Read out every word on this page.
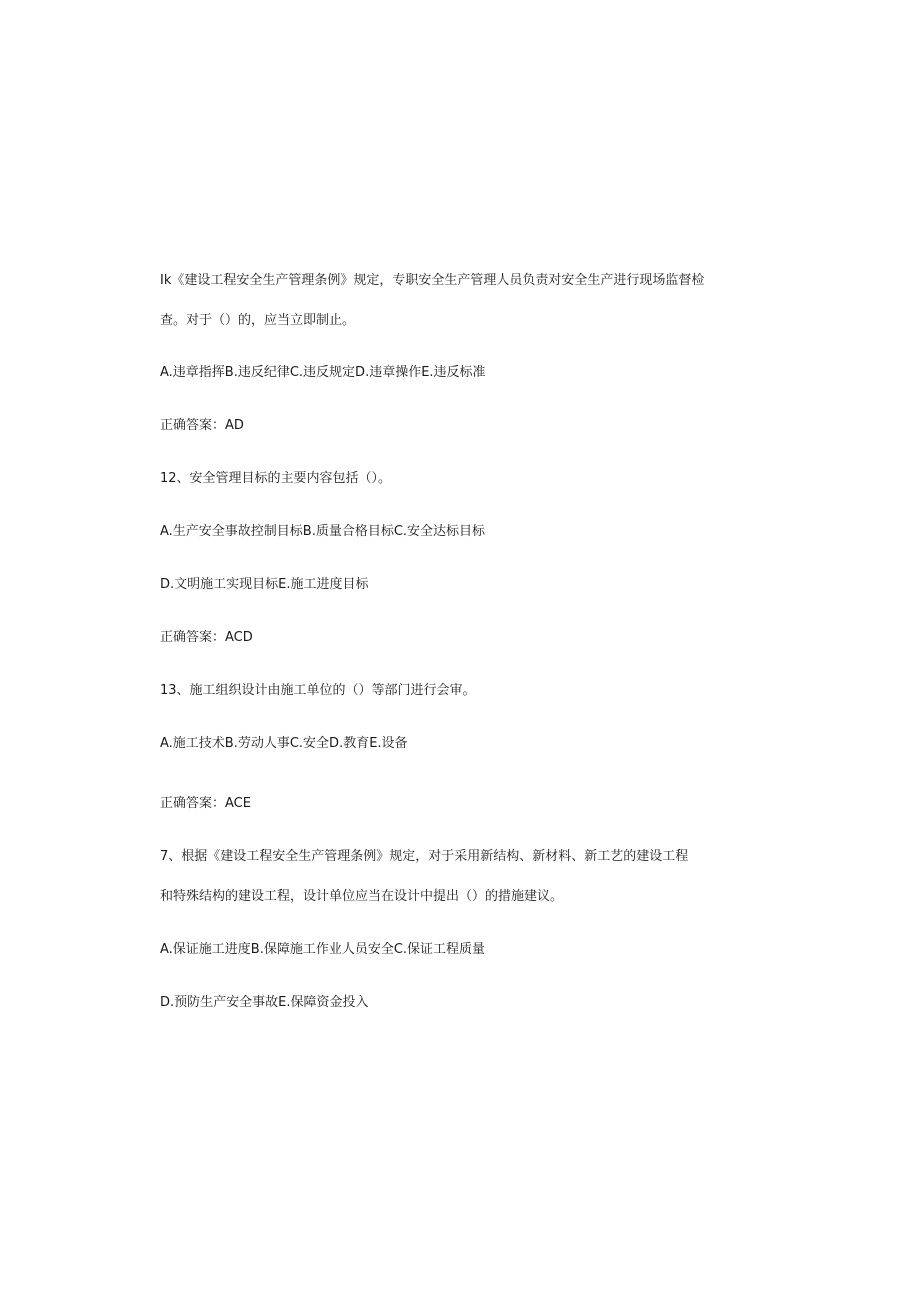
Ik《建设工程安全生产管理条例》规定，专职安全生产管理人员负责对安全生产进行现场监督检
查。对于（）的，应当立即制止。
A.违章指挥B.违反纪律C.违反规定D.违章操作E.违反标准
正确答案：AD
12、安全管理目标的主要内容包括（）。
A.生产安全事故控制目标B.质量合格目标C.安全达标目标
D.文明施工实现目标E.施工进度目标
正确答案：ACD
13、施工组织设计由施工单位的（）等部门进行会审。
A.施工技术B.劳动人事C.安全D.教育E.设备
正确答案：ACE
7、根据《建设工程安全生产管理条例》规定，对于采用新结构、新材料、新工艺的建设工程
和特殊结构的建设工程，设计单位应当在设计中提出（）的措施建议。
A.保证施工进度B.保障施工作业人员安全C.保证工程质量
D.预防生产安全事故E.保障资金投入
